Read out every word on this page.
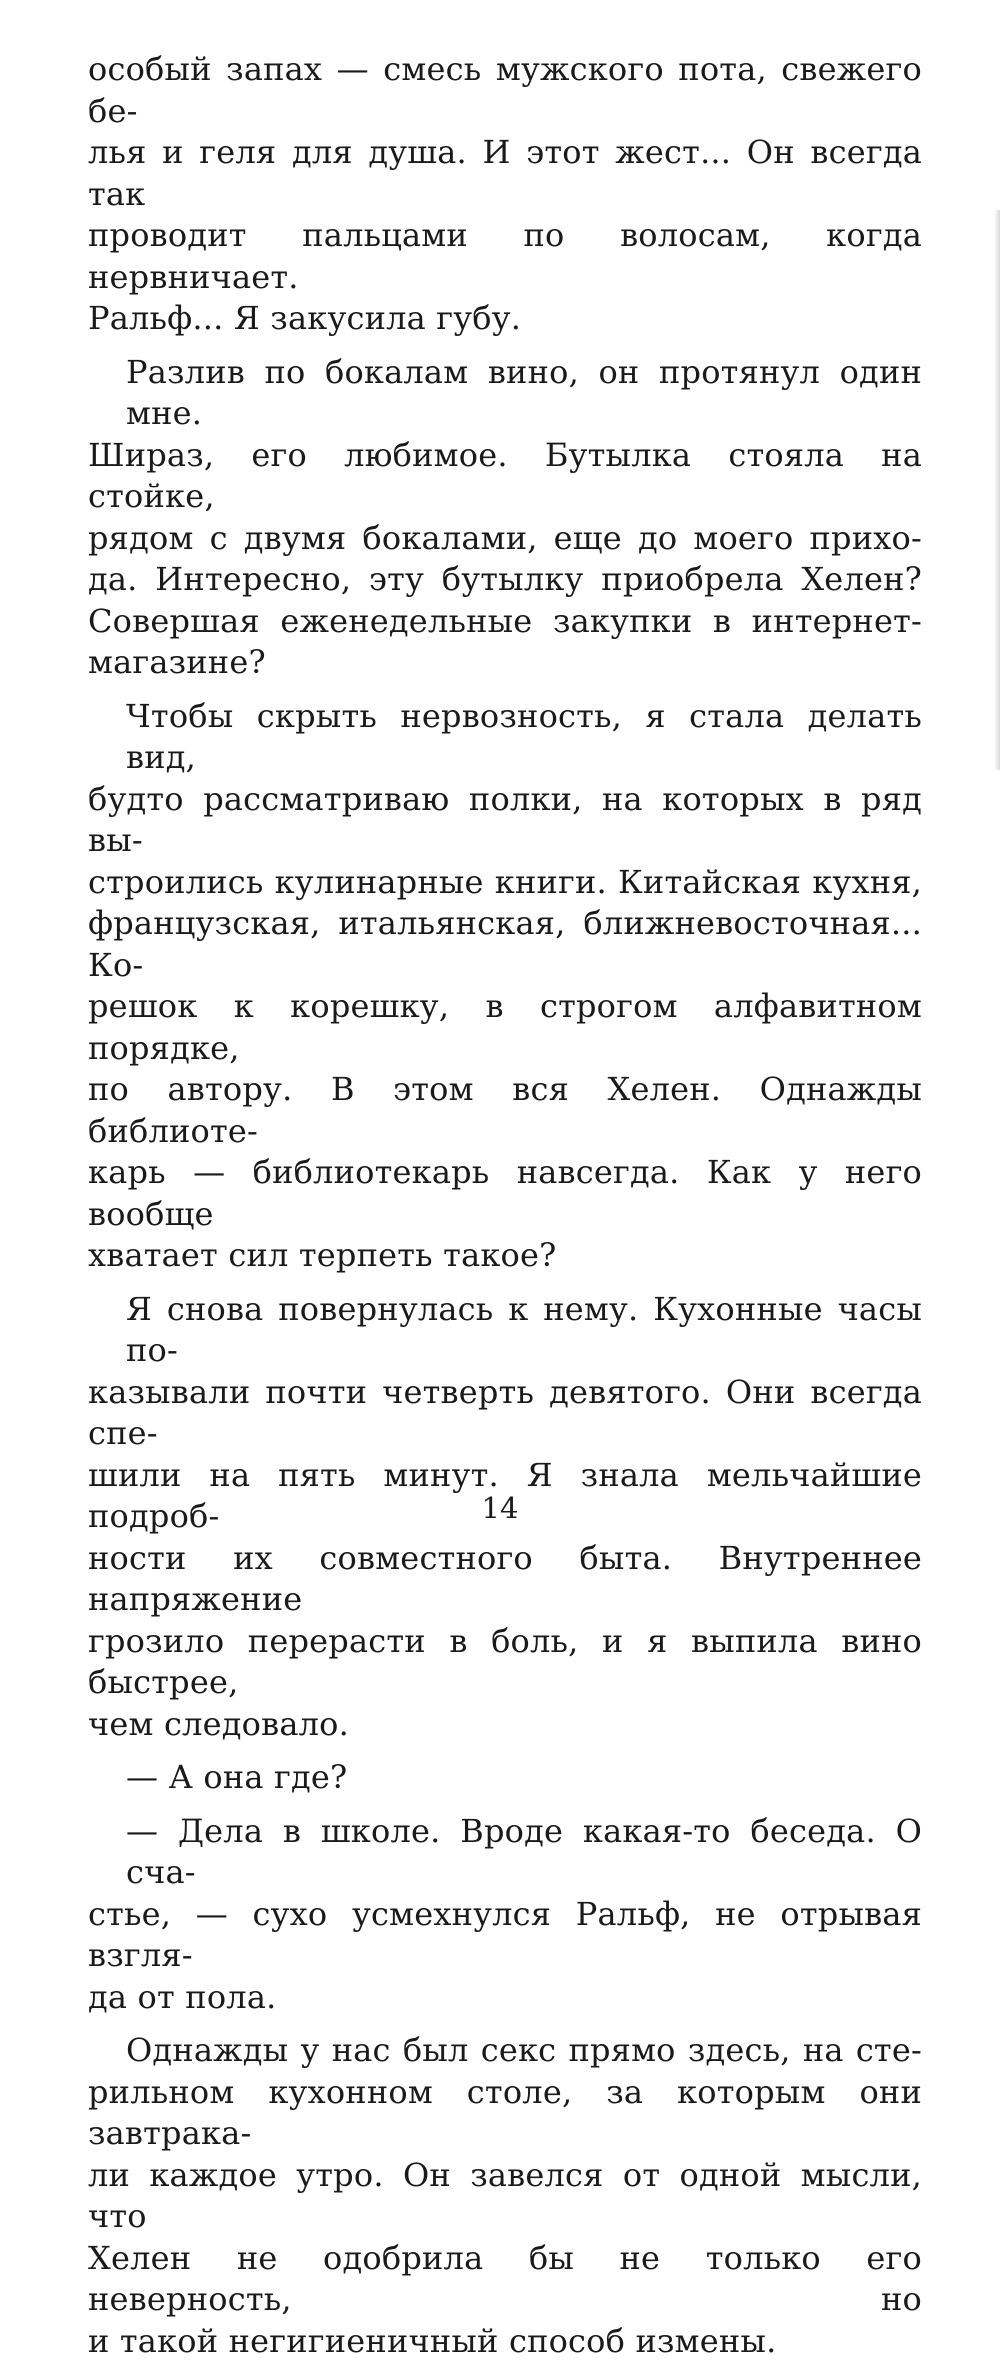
особый запах — смесь мужского пота, свежего бе-
лья и геля для душа. И этот жест... Он всегда так
проводит пальцами по волосам, когда нервничает.
Ральф... Я закусила губу.
Разлив по бокалам вино, он протянул один мне.
Шираз, его любимое. Бутылка стояла на стойке,
рядом с двумя бокалами, еще до моего прихо-
да. Интересно, эту бутылку приобрела Хелен?
Совершая еженедельные закупки в интернет-
магазине?
Чтобы скрыть нервозность, я стала делать вид,
будто рассматриваю полки, на которых в ряд вы-
строились кулинарные книги. Китайская кухня,
французская, итальянская, ближневосточная... Ко-
решок к корешку, в строгом алфавитном порядке,
по автору. В этом вся Хелен. Однажды библиоте-
карь — библиотекарь навсегда. Как у него вообще
хватает сил терпеть такое?
Я снова повернулась к нему. Кухонные часы по-
казывали почти четверть девятого. Они всегда спе-
шили на пять минут. Я знала мельчайшие подроб-
ности их совместного быта. Внутреннее напряжение
грозило перерасти в боль, и я выпила вино быстрее,
чем следовало.
— А она где?
— Дела в школе. Вроде какая-то беседа. О сча-
стье, — сухо усмехнулся Ральф, не отрывая взгля-
да от пола.
Однажды у нас был секс прямо здесь, на сте-
рильном кухонном столе, за которым они завтрака-
ли каждое утро. Он завелся от одной мысли, что
Хелен не одобрила бы не только его неверность, но
и такой негигиеничный способ измены.
14
